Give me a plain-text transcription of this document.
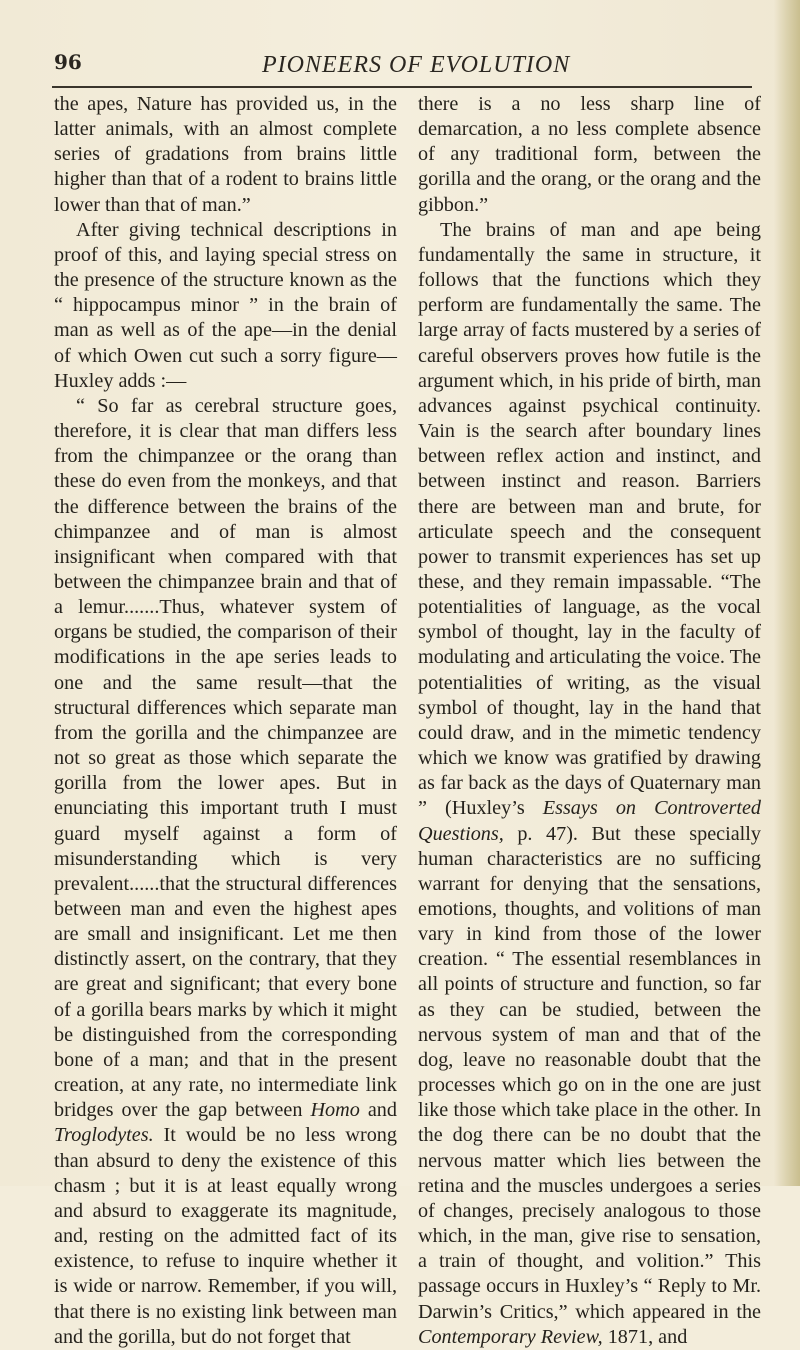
96	PIONEERS OF EVOLUTION

the apes, Nature has provided us, in the latter animals, with an almost complete series of gradations from brains little higher than that of a rodent to brains little lower than that of man.”

After giving technical descriptions in proof of this, and laying special stress on the presence of the structure known as the “ hippocampus minor ” in the brain of man as well as of the ape—in the denial of which Owen cut such a sorry figure—Huxley adds :—

“ So far as cerebral structure goes, therefore, it is clear that man differs less from the chimpanzee or the orang than these do even from the monkeys, and that the difference between the brains of the chimpanzee and of man is almost insignificant when compared with that between the chimpanzee brain and that of a lemur.......Thus, whatever system of organs be studied, the comparison of their modifications in the ape series leads to one and the same result—that the structural differences which separate man from the gorilla and the chimpanzee are not so great as those which separate the gorilla from the lower apes. But in enunciating this important truth I must guard myself against a form of misunderstanding which is very prevalent......that the structural differences between man and even the highest apes are small and insignificant. Let me then distinctly assert, on the contrary, that they are great and significant; that every bone of a gorilla bears marks by which it might be distinguished from the corresponding bone of a man; and that in the present creation, at any rate, no intermediate link bridges over the gap between Homo and Troglodytes. It would be no less wrong than absurd to deny the existence of this chasm ; but it is at least equally wrong and absurd to exaggerate its magnitude, and, resting on the admitted fact of its existence, to refuse to inquire whether it is wide or narrow. Remember, if you will, that there is no existing link between man and the gorilla, but do not forget that

there is a no less sharp line of demarcation, a no less complete absence of any traditional form, between the gorilla and the orang, or the orang and the gibbon.”

The brains of man and ape being fundamentally the same in structure, it follows that the functions which they perform are fundamentally the same. The large array of facts mustered by a series of careful observers proves how futile is the argument which, in his pride of birth, man advances against psychical continuity. Vain is the search after boundary lines between reflex action and instinct, and between instinct and reason. Barriers there are between man and brute, for articulate speech and the consequent power to transmit experiences has set up these, and they remain impassable. “The potentialities of language, as the vocal symbol of thought, lay in the faculty of modulating and articulating the voice. The potentialities of writing, as the visual symbol of thought, lay in the hand that could draw, and in the mimetic tendency which we know was gratified by drawing as far back as the days of Quaternary man ” (Huxley’s Essays on Controverted Questions, p. 47). But these specially human characteristics are no sufficing warrant for denying that the sensations, emotions, thoughts, and volitions of man vary in kind from those of the lower creation. “ The essential resemblances in all points of structure and function, so far as they can be studied, between the nervous system of man and that of the dog, leave no reasonable doubt that the processes which go on in the one are just like those which take place in the other. In the dog there can be no doubt that the nervous matter which lies between the retina and the muscles undergoes a series of changes, precisely analogous to those which, in the man, give rise to sensation, a train of thought, and volition.” This passage occurs in Huxley’s “ Reply to Mr. Darwin’s Critics,” which appeared in the Contemporary Review, 1871, and
